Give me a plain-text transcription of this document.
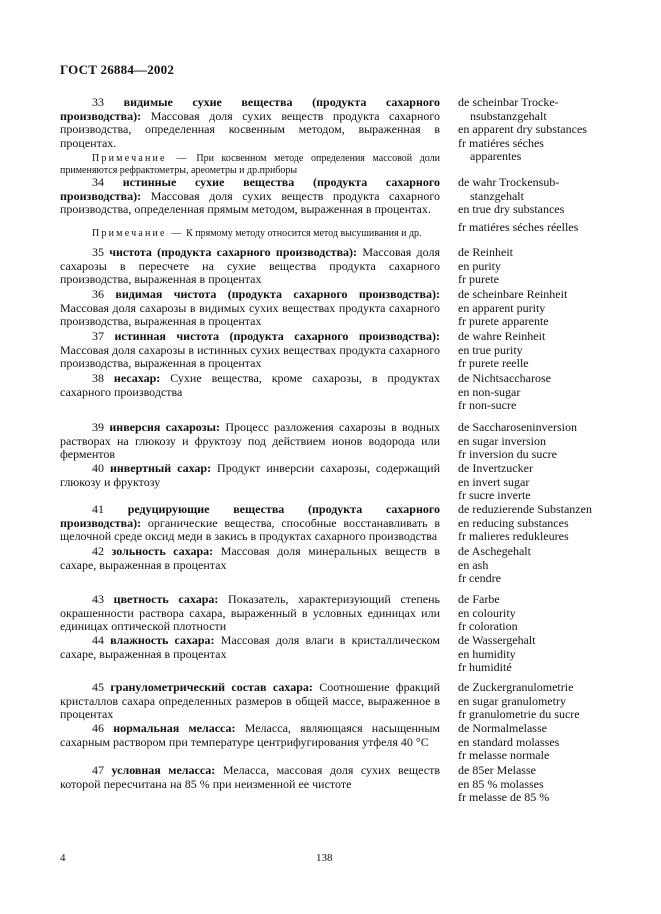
ГОСТ 26884—2002
33 видимые сухие вещества (продукта сахарного производства): Массовая доля сухих веществ продукта сахарного производства, определенная косвенным методом, выраженная в процентах.
de scheinbar Trocke-
nsubstanzgehalt
en apparent dry substances
fr matiéres séches
apparentes
Примечание — При косвенном методе определения массовой доли применяются рефрактометры, ареометры и др.приборы
34 истинные сухие вещества (продукта сахарного производства): Массовая доля сухих веществ продукта сахарного производства, определенная прямым методом, выраженная в процентах.
de wahr Trockensub-
stanzgehalt
en true dry substances
fr matiéres séches réelles
Примечание — К прямому методу относится метод высушивания и др.
35 чистота (продукта сахарного производства): Массовая доля сахарозы в пересчете на сухие вещества продукта сахарного производства, выраженная в процентах
de Reinheit
en purity
fr purete
36 видимая чистота (продукта сахарного производства): Массовая доля сахарозы в видимых сухих веществах продукта сахарного производства, выраженная в процентах
de scheinbare Reinheit
en apparent purity
fr purete apparente
37 истинная чистота (продукта сахарного производства): Массовая доля сахарозы в истинных сухих веществах продукта сахарного производства, выраженная в процентах
de wahre Reinheit
en true purity
fr purete reelle
38 несахар: Сухие вещества, кроме сахарозы, в продуктах сахарного производства
de Nichtsaccharose
en non-sugar
fr non-sucre
39 инверсия сахарозы: Процесс разложения сахарозы в водных растворах на глюкозу и фруктозу под действием ионов водорода или ферментов
de Saccharoseninversion
en sugar inversion
fr inversion du sucre
40 инвертный сахар: Продукт инверсии сахарозы, содержащий глюкозу и фруктозу
de Invertzucker
en invert sugar
fr sucre inverte
41 редуцирующие вещества (продукта сахарного производства): органические вещества, способные восстанавливать в щелочной среде оксид меди в закись в продуктах сахарного производства
de reduzierende Substanzen
en reducing substances
fr malieres redukleures
42 зольность сахара: Массовая доля минеральных веществ в сахаре, выраженная в процентах
de Aschegehalt
en ash
fr cendre
43 цветность сахара: Показатель, характеризующий степень окрашенности раствора сахара, выраженный в условных единицах или единицах оптической плотности
de Farbe
en colourity
fr coloration
44 влажность сахара: Массовая доля влаги в кристаллическом сахаре, выраженная в процентах
de Wassergehalt
en humidity
fr humidité
45 гранулометрический состав сахара: Соотношение фракций кристаллов сахара определенных размеров в общей массе, выраженное в процентах
de Zuckergranulometrie
en sugar granulometry
fr granulometrie du sucre
46 нормальная меласса: Меласса, являющаяся насыщенным сахарным раствором при температуре центрифугирования утфеля 40 °С
de Normalmelasse
en standard molasses
fr melasse normale
47 условная меласса: Меласса, массовая доля сухих веществ которой пересчитана на 85 % при неизменной ее чистоте
de 85er Melasse
en 85 % molasses
fr melasse de 85 %
4	138
